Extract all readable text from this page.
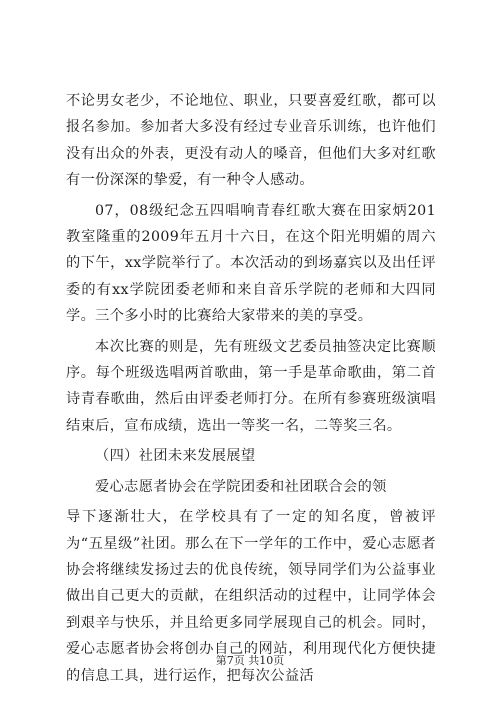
不论男女老少，不论地位、职业，只要喜爱红歌，都可以报名参加。参加者大多没有经过专业音乐训练，也许他们没有出众的外表，更没有动人的嗓音，但他们大多对红歌有一份深深的挚爱，有一种令人感动。

07，08级纪念五四唱响青春红歌大赛在田家炳201教室隆重的2009年五月十六日，在这个阳光明媚的周六的下午，xx学院举行了。本次活动的到场嘉宾以及出任评委的有xx学院团委老师和来自音乐学院的老师和大四同学。三个多小时的比赛给大家带来的美的享受。

本次比赛的则是，先有班级文艺委员抽签决定比赛顺序。每个班级选唱两首歌曲，第一手是革命歌曲，第二首诗青春歌曲，然后由评委老师打分。在所有参赛班级演唱结束后，宣布成绩，选出一等奖一名，二等奖三名。

（四）社团未来发展展望

爱心志愿者协会在学院团委和社团联合会的领

导下逐渐壮大，在学校具有了一定的知名度，曾被评为“五星级”社团。那么在下一学年的工作中，爱心志愿者协会将继续发扬过去的优良传统，领导同学们为公益事业做出自己更大的贡献，在组织活动的过程中，让同学体会到艰辛与快乐，并且给更多同学展现自己的机会。同时，爱心志愿者协会将创办自己的网站，利用现代化方便快捷的信息工具，进行运作，把每次公益活

第7页 共10页
